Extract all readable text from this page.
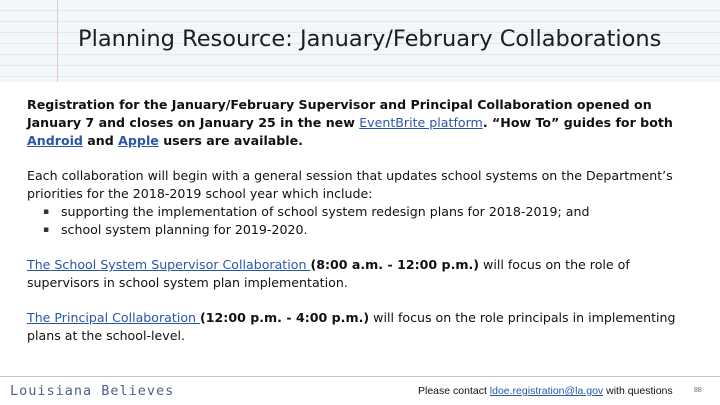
Planning Resource: January/February Collaborations

Registration for the January/February Supervisor and Principal Collaboration opened on January 7 and closes on January 25 in the new EventBrite platform. “How To” guides for both Android and Apple users are available.

Each collaboration will begin with a general session that updates school systems on the Department’s priorities for the 2018-2019 school year which include:

▪ supporting the implementation of school system redesign plans for 2018-2019; and
▪ school system planning for 2019-2020.

The School System Supervisor Collaboration (8:00 a.m. - 12:00 p.m.) will focus on the role of supervisors in school system plan implementation.

The Principal Collaboration (12:00 p.m. - 4:00 p.m.) will focus on the role principals in implementing plans at the school-level.

Louisiana Believes	Please contact ldoe.registration@la.gov with questions	88
